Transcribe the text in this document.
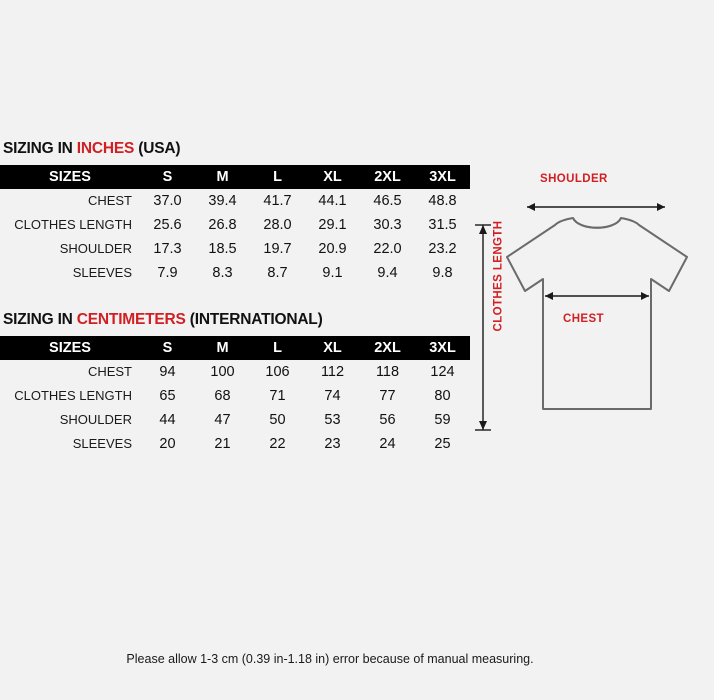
SIZING IN INCHES (USA)
SIZES	S	M	L	XL	2XL	3XL
CHEST	37.0	39.4	41.7	44.1	46.5	48.8
CLOTHES LENGTH	25.6	26.8	28.0	29.1	30.3	31.5
SHOULDER	17.3	18.5	19.7	20.9	22.0	23.2
SLEEVES	7.9	8.3	8.7	9.1	9.4	9.8
SIZING IN CENTIMETERS (INTERNATIONAL)
SIZES	S	M	L	XL	2XL	3XL
CHEST	94	100	106	112	118	124
CLOTHES LENGTH	65	68	71	74	77	80
SHOULDER	44	47	50	53	56	59
SLEEVES	20	21	22	23	24	25
Please allow 1-3 cm (0.39 in-1.18 in) error because of manual measuring.
SHOULDER
CHEST
CLOTHES LENGTH
